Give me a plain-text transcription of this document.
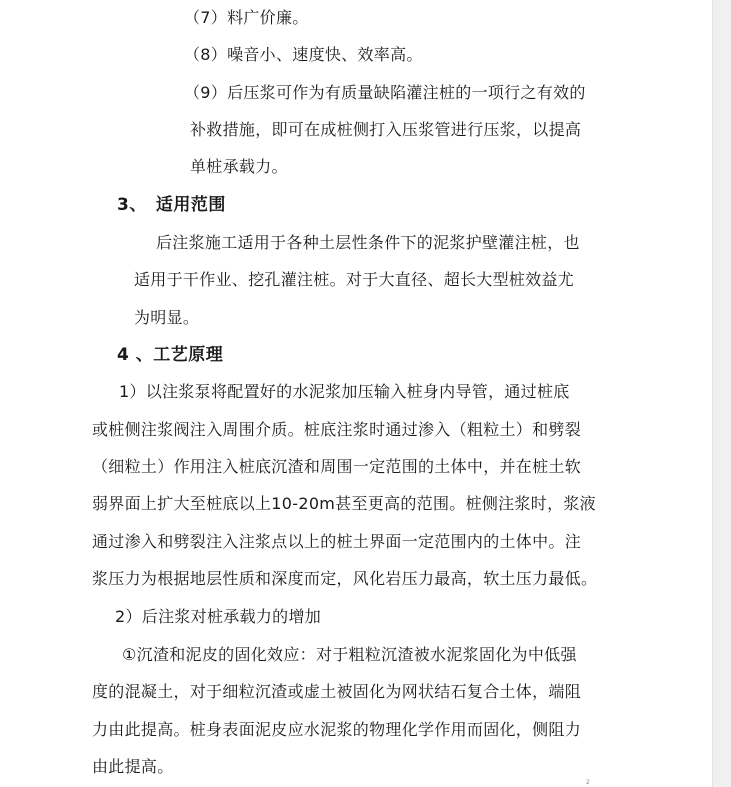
（7）料广价廉。
（8）噪音小、速度快、效率高。
（9）后压浆可作为有质量缺陷灌注桩的一项行之有效的
补救措施，即可在成桩侧打入压浆管进行压浆，以提高
单桩承载力。
3、　适用范围
后注浆施工适用于各种土层性条件下的泥浆护壁灌注桩，也
适用于干作业、挖孔灌注桩。对于大直径、超长大型桩效益尤
为明显。
4 、工艺原理
1）以注浆泵将配置好的水泥浆加压输入桩身内导管，通过桩底
或桩侧注浆阀注入周围介质。桩底注浆时通过渗入（粗粒土）和劈裂
（细粒土）作用注入桩底沉渣和周围一定范围的土体中，并在桩土软
弱界面上扩大至桩底以上10-20m甚至更高的范围。桩侧注浆时，浆液
通过渗入和劈裂注入注浆点以上的桩土界面一定范围内的土体中。注
浆压力为根据地层性质和深度而定，风化岩压力最高，软土压力最低。
2）后注浆对桩承载力的增加
①沉渣和泥皮的固化效应：对于粗粒沉渣被水泥浆固化为中低强
度的混凝土，对于细粒沉渣或虚土被固化为网状结石复合土体，端阻
力由此提高。桩身表面泥皮应水泥浆的物理化学作用而固化，侧阻力
由此提高。
2
